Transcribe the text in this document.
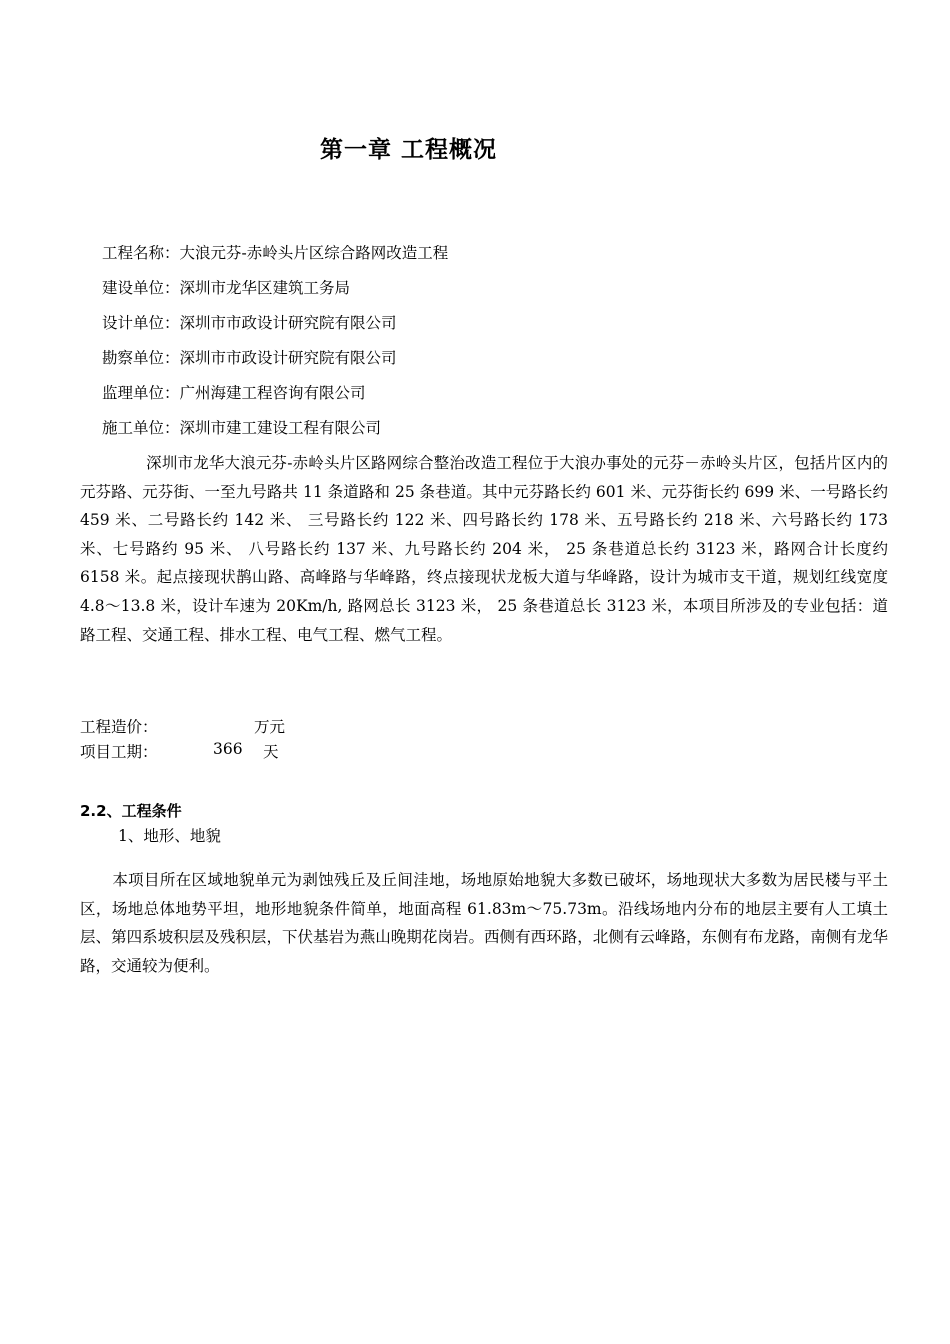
第一章 工程概况
工程名称：大浪元芬-赤岭头片区综合路网改造工程
建设单位：深圳市龙华区建筑工务局
设计单位：深圳市市政设计研究院有限公司
勘察单位：深圳市市政设计研究院有限公司
监理单位：广州海建工程咨询有限公司
施工单位：深圳市建工建设工程有限公司

深圳市龙华大浪元芬-赤岭头片区路网综合整治改造工程位于大浪办事处的元芬－赤岭头片区，包括片区内的元芬路、元芬街、一至九号路共 11 条道路和 25 条巷道。其中元芬路长约 601 米、元芬街长约 699 米、一号路长约 459 米、二号路长约 142 米、 三号路长约 122 米、四号路长约 178 米、五号路长约 218 米、六号路长约 173 米、七号路约 95 米、 八号路长约 137 米、九号路长约 204 米， 25 条巷道总长约 3123 米，路网合计长度约 6158 米。起点接现状鹊山路、高峰路与华峰路，终点接现状龙板大道与华峰路，设计为城市支干道，规划红线宽度 4.8～13.8 米，设计车速为 20Km/h, 路网总长 3123 米， 25 条巷道总长 3123 米，本项目所涉及的专业包括：道路工程、交通工程、排水工程、电气工程、燃气工程。

工程造价：	万元
项目工期：	366 天
2.2、工程条件
1、地形、地貌

本项目所在区域地貌单元为剥蚀残丘及丘间洼地，场地原始地貌大多数已破坏，场地现状大多数为居民楼与平土区，场地总体地势平坦，地形地貌条件简单，地面高程 61.83m～75.73m。沿线场地内分布的地层主要有人工填土层、第四系坡积层及残积层，下伏基岩为燕山晚期花岗岩。西侧有西环路，北侧有云峰路，东侧有布龙路，南侧有龙华路，交通较为便利。
